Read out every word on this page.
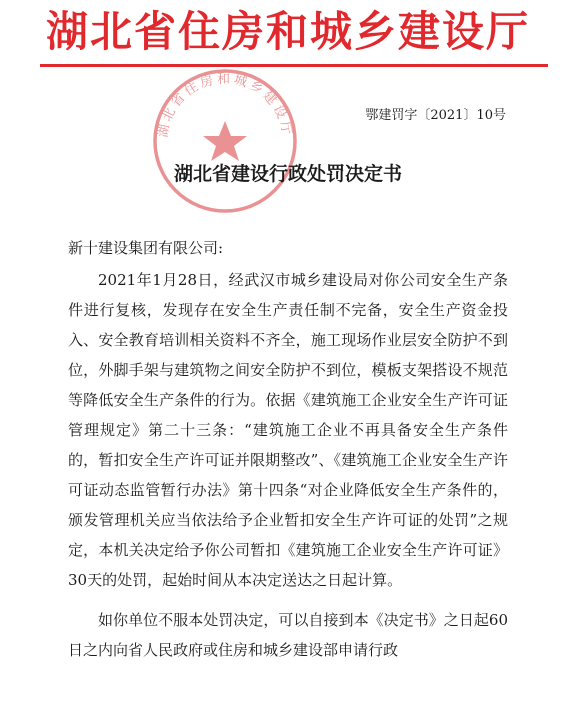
湖北省住房和城乡建设厅
湖北省住房和城乡建设厅
鄂建罚字〔2021〕10号
湖北省建设行政处罚决定书
新十建设集团有限公司:

2021年1月28日，经武汉市城乡建设局对你公司安全生产条件进行复核，发现存在安全生产责任制不完备，安全生产资金投入、安全教育培训相关资料不齐全，施工现场作业层安全防护不到位，外脚手架与建筑物之间安全防护不到位，模板支架搭设不规范等降低安全生产条件的行为。依据《建筑施工企业安全生产许可证管理规定》第二十三条：“建筑施工企业不再具备安全生产条件的，暂扣安全生产许可证并限期整改”、《建筑施工企业安全生产许可证动态监管暂行办法》第十四条“对企业降低安全生产条件的，颁发管理机关应当依法给予企业暂扣安全生产许可证的处罚”之规定，本机关决定给予你公司暂扣《建筑施工企业安全生产许可证》30天的处罚，起始时间从本决定送达之日起计算。

如你单位不服本处罚决定，可以自接到本《决定书》之日起60日之内向省人民政府或住房和城乡建设部申请行政
